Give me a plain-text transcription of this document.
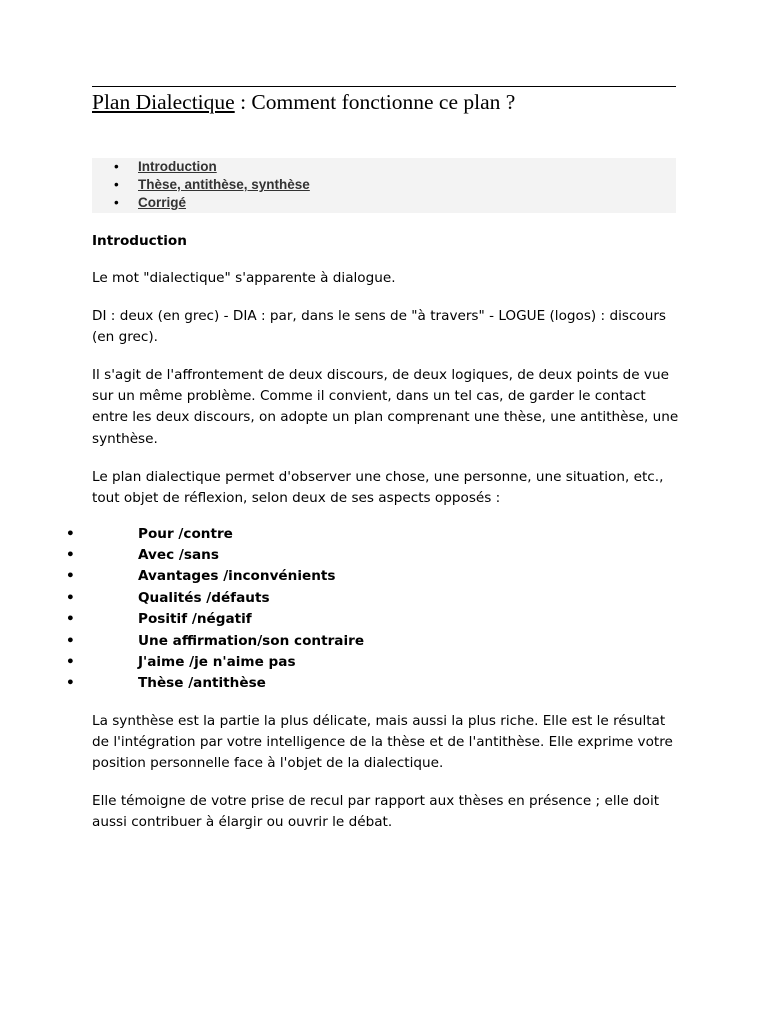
Plan Dialectique : Comment fonctionne ce plan ?
• Introduction
• Thèse, antithèse, synthèse
• Corrigé
Introduction

Le mot "dialectique" s'apparente à dialogue.

DI : deux (en grec) - DIA : par, dans le sens de "à travers" - LOGUE (logos) : discours (en grec).

Il s'agit de l'affrontement de deux discours, de deux logiques, de deux points de vue sur un même problème. Comme il convient, dans un tel cas, de garder le contact entre les deux discours, on adopte un plan comprenant une thèse, une antithèse, une synthèse.

Le plan dialectique permet d'observer une chose, une personne, une situation, etc., tout objet de réflexion, selon deux de ses aspects opposés :

•	Pour /contre
•	Avec /sans
•	Avantages /inconvénients
•	Qualités /défauts
•	Positif /négatif
•	Une affirmation/son contraire
•	J'aime /je n'aime pas
•	Thèse /antithèse

La synthèse est la partie la plus délicate, mais aussi la plus riche. Elle est le résultat de l'intégration par votre intelligence de la thèse et de l'antithèse. Elle exprime votre position personnelle face à l'objet de la dialectique.

Elle témoigne de votre prise de recul par rapport aux thèses en présence ; elle doit aussi contribuer à élargir ou ouvrir le débat.
